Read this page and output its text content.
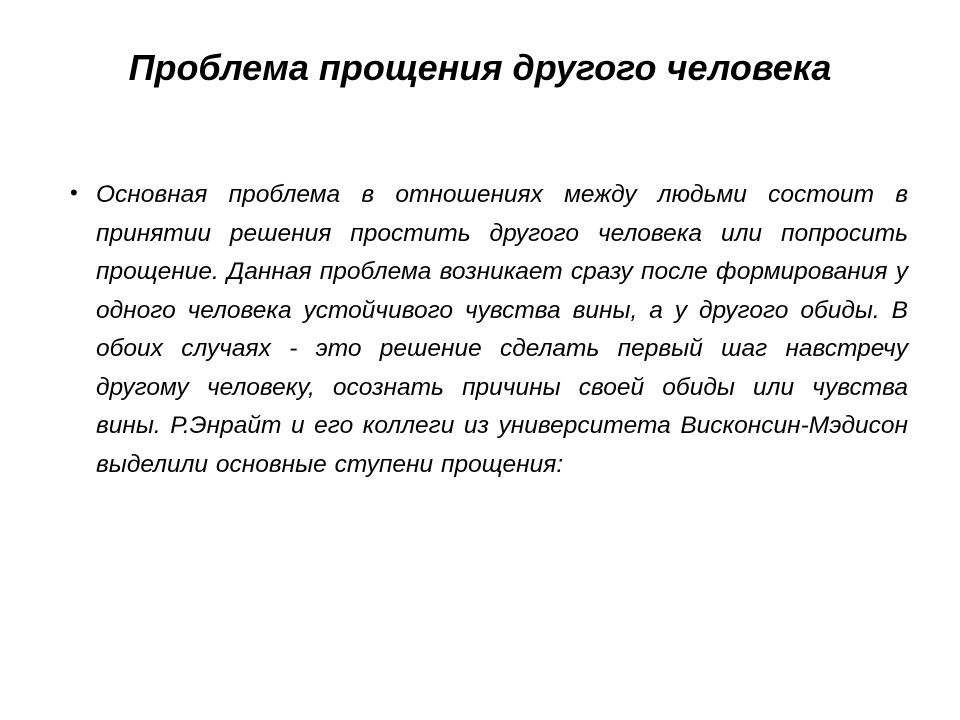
Проблема прощения другого человека
• Основная проблема в отношениях между людьми состоит в принятии решения простить другого человека или попросить прощение. Данная проблема возникает сразу после формирования у одного человека устойчивого чувства вины, а у другого обиды. В обоих случаях - это решение сделать первый шаг навстречу другому человеку, осознать причины своей обиды или чувства вины. Р.Энрайт и его коллеги из университета Висконсин-Мэдисон выделили основные ступени прощения:
